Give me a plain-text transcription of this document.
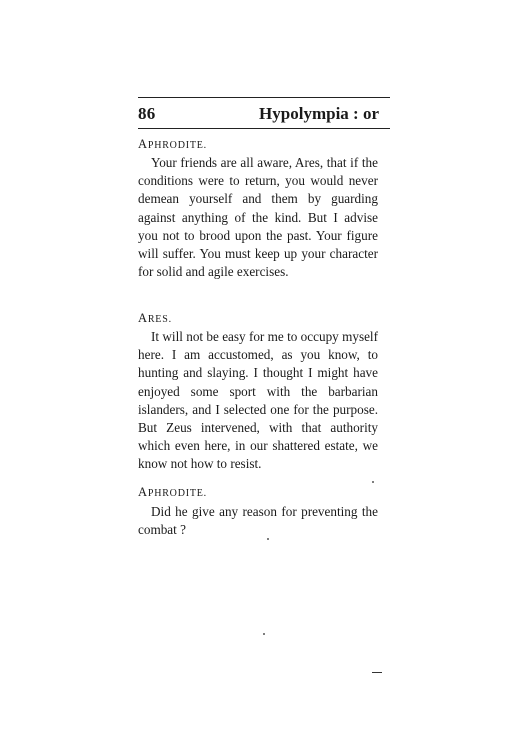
86	Hypolympia : or
APHRODITE.
Your friends are all aware, Ares, that if the conditions were to return, you would never demean yourself and them by guarding against anything of the kind. But I advise you not to brood upon the past. Your figure will suffer. You must keep up your character for solid and agile exercises.
ARES.
It will not be easy for me to occupy myself here. I am accustomed, as you know, to hunting and slaying. I thought I might have enjoyed some sport with the barbarian islanders, and I selected one for the purpose. But Zeus intervened, with that authority which even here, in our shattered estate, we know not how to resist.
APHRODITE.
Did he give any reason for preventing the combat ?
